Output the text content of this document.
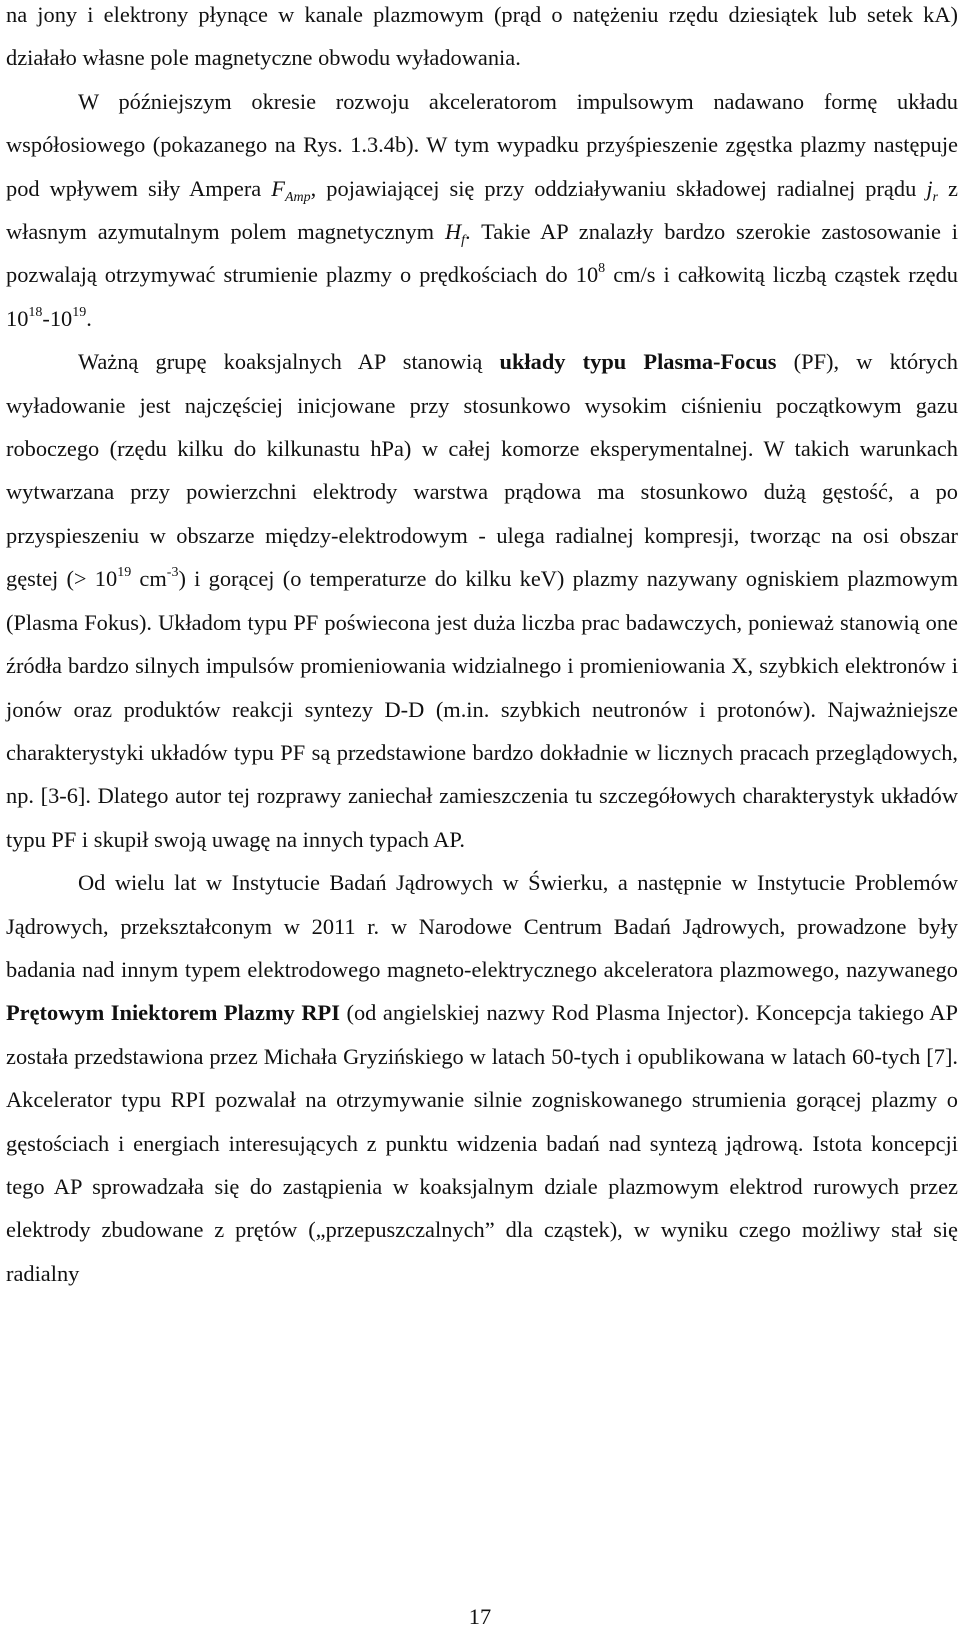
na jony i elektrony płynące w kanale plazmowym (prąd o natężeniu rzędu dziesiątek lub setek kA) działało własne pole magnetyczne obwodu wyładowania.

W późniejszym okresie rozwoju akceleratorom impulsowym nadawano formę układu współosiowego (pokazanego na Rys. 1.3.4b). W tym wypadku przyśpieszenie zgęstka plazmy następuje pod wpływem siły Ampera $F_{Amp}$, pojawiającej się przy oddziaływaniu składowej radialnej prądu $j_r$ z własnym azymutalnym polem magnetycznym $H_f$. Takie AP znalazły bardzo szerokie zastosowanie i pozwalają otrzymywać strumienie plazmy o prędkościach do $10^8$ cm/s i całkowitą liczbą cząstek rzędu $10^{18}-10^{19}$.

Ważną grupę koaksjalnych AP stanowią układy typu Plasma-Focus (PF), w których wyładowanie jest najczęściej inicjowane przy stosunkowo wysokim ciśnieniu początkowym gazu roboczego (rzędu kilku do kilkunastu hPa) w całej komorze eksperymentalnej. W takich warunkach wytwarzana przy powierzchni elektrody warstwa prądowa ma stosunkowo dużą gęstość, a po przyspieszeniu w obszarze między-elektrodowym - ulega radialnej kompresji, tworząc na osi obszar gęstej (> $10^{19}$ $cm^{-3}$) i gorącej (o temperaturze do kilku keV) plazmy nazywany ogniskiem plazmowym (Plasma Fokus). Układom typu PF poświecona jest duża liczba prac badawczych, ponieważ stanowią one źródła bardzo silnych impulsów promieniowania widzialnego i promieniowania X, szybkich elektronów i jonów oraz produktów reakcji syntezy D-D (m.in. szybkich neutronów i protonów). Najważniejsze charakterystyki układów typu PF są przedstawione bardzo dokładnie w licznych pracach przeglądowych, np. [3-6]. Dlatego autor tej rozprawy zaniechał zamieszczenia tu szczegółowych charakterystyk układów typu PF i skupił swoją uwagę na innych typach AP.

Od wielu lat w Instytucie Badań Jądrowych w Świerku, a następnie w Instytucie Problemów Jądrowych, przekształconym w 2011 r. w Narodowe Centrum Badań Jądrowych, prowadzone były badania nad innym typem elektrodowego magneto-elektrycznego akceleratora plazmowego, nazywanego Prętowym Iniektorem Plazmy RPI (od angielskiej nazwy Rod Plasma Injector). Koncepcja takiego AP została przedstawiona przez Michała Gryzińskiego w latach 50-tych i opublikowana w latach 60-tych [7]. Akcelerator typu RPI pozwalał na otrzymywanie silnie zogniskowanego strumienia gorącej plazmy o gęstościach i energiach interesujących z punktu widzenia badań nad syntezą jądrową. Istota koncepcji tego AP sprowadzała się do zastąpienia w koaksjalnym dziale plazmowym elektrod rurowych przez elektrody zbudowane z prętów („przepuszczalnych” dla cząstek), w wyniku czego możliwy stał się radialny

17
